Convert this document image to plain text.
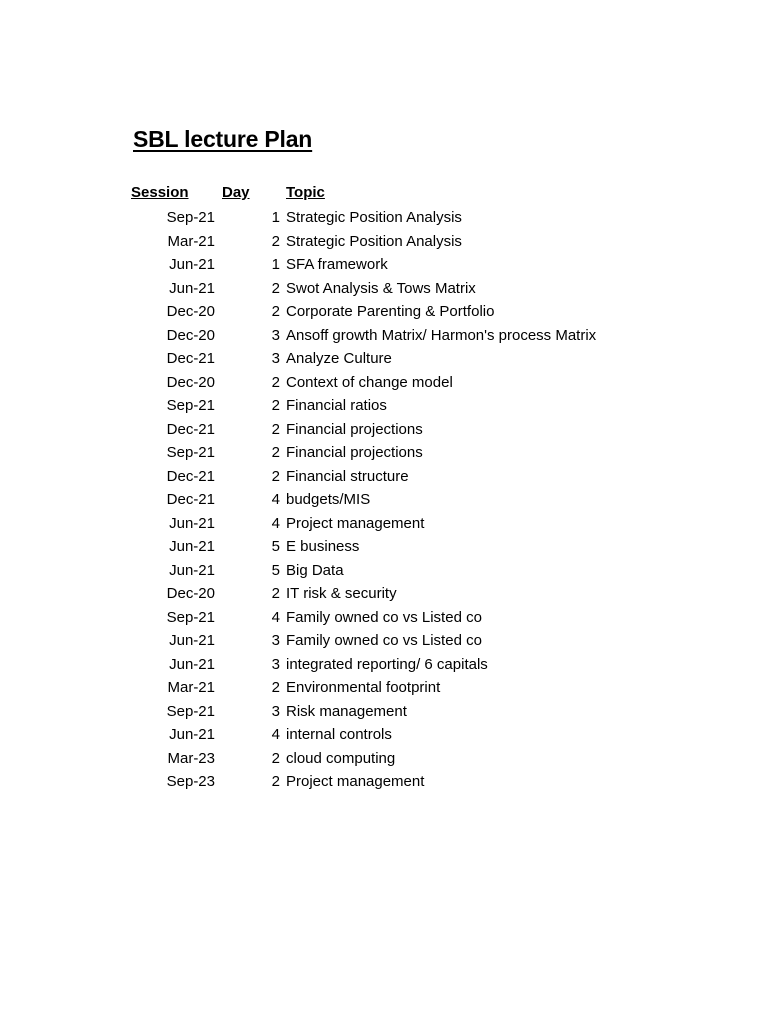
SBL lecture Plan
Session Day Topic
Sep-21	1 Strategic Position Analysis
Mar-21	2 Strategic Position Analysis
Jun-21	1 SFA framework
Jun-21	2 Swot Analysis & Tows Matrix
Dec-20	2 Corporate Parenting & Portfolio
Dec-20	3 Ansoff growth Matrix/ Harmon's process Matrix
Dec-21	3 Analyze Culture
Dec-20	2 Context of change model
Sep-21	2 Financial ratios
Dec-21	2 Financial projections
Sep-21	2 Financial projections
Dec-21	2 Financial structure
Dec-21	4 budgets/MIS
Jun-21	4 Project management
Jun-21	5 E business
Jun-21	5 Big Data
Dec-20	2 IT risk & security
Sep-21	4 Family owned co vs Listed co
Jun-21	3 Family owned co vs Listed co
Jun-21	3 integrated reporting/ 6 capitals
Mar-21	2 Environmental footprint
Sep-21	3 Risk management
Jun-21	4 internal controls
Mar-23	2 cloud computing
Sep-23	2 Project management
